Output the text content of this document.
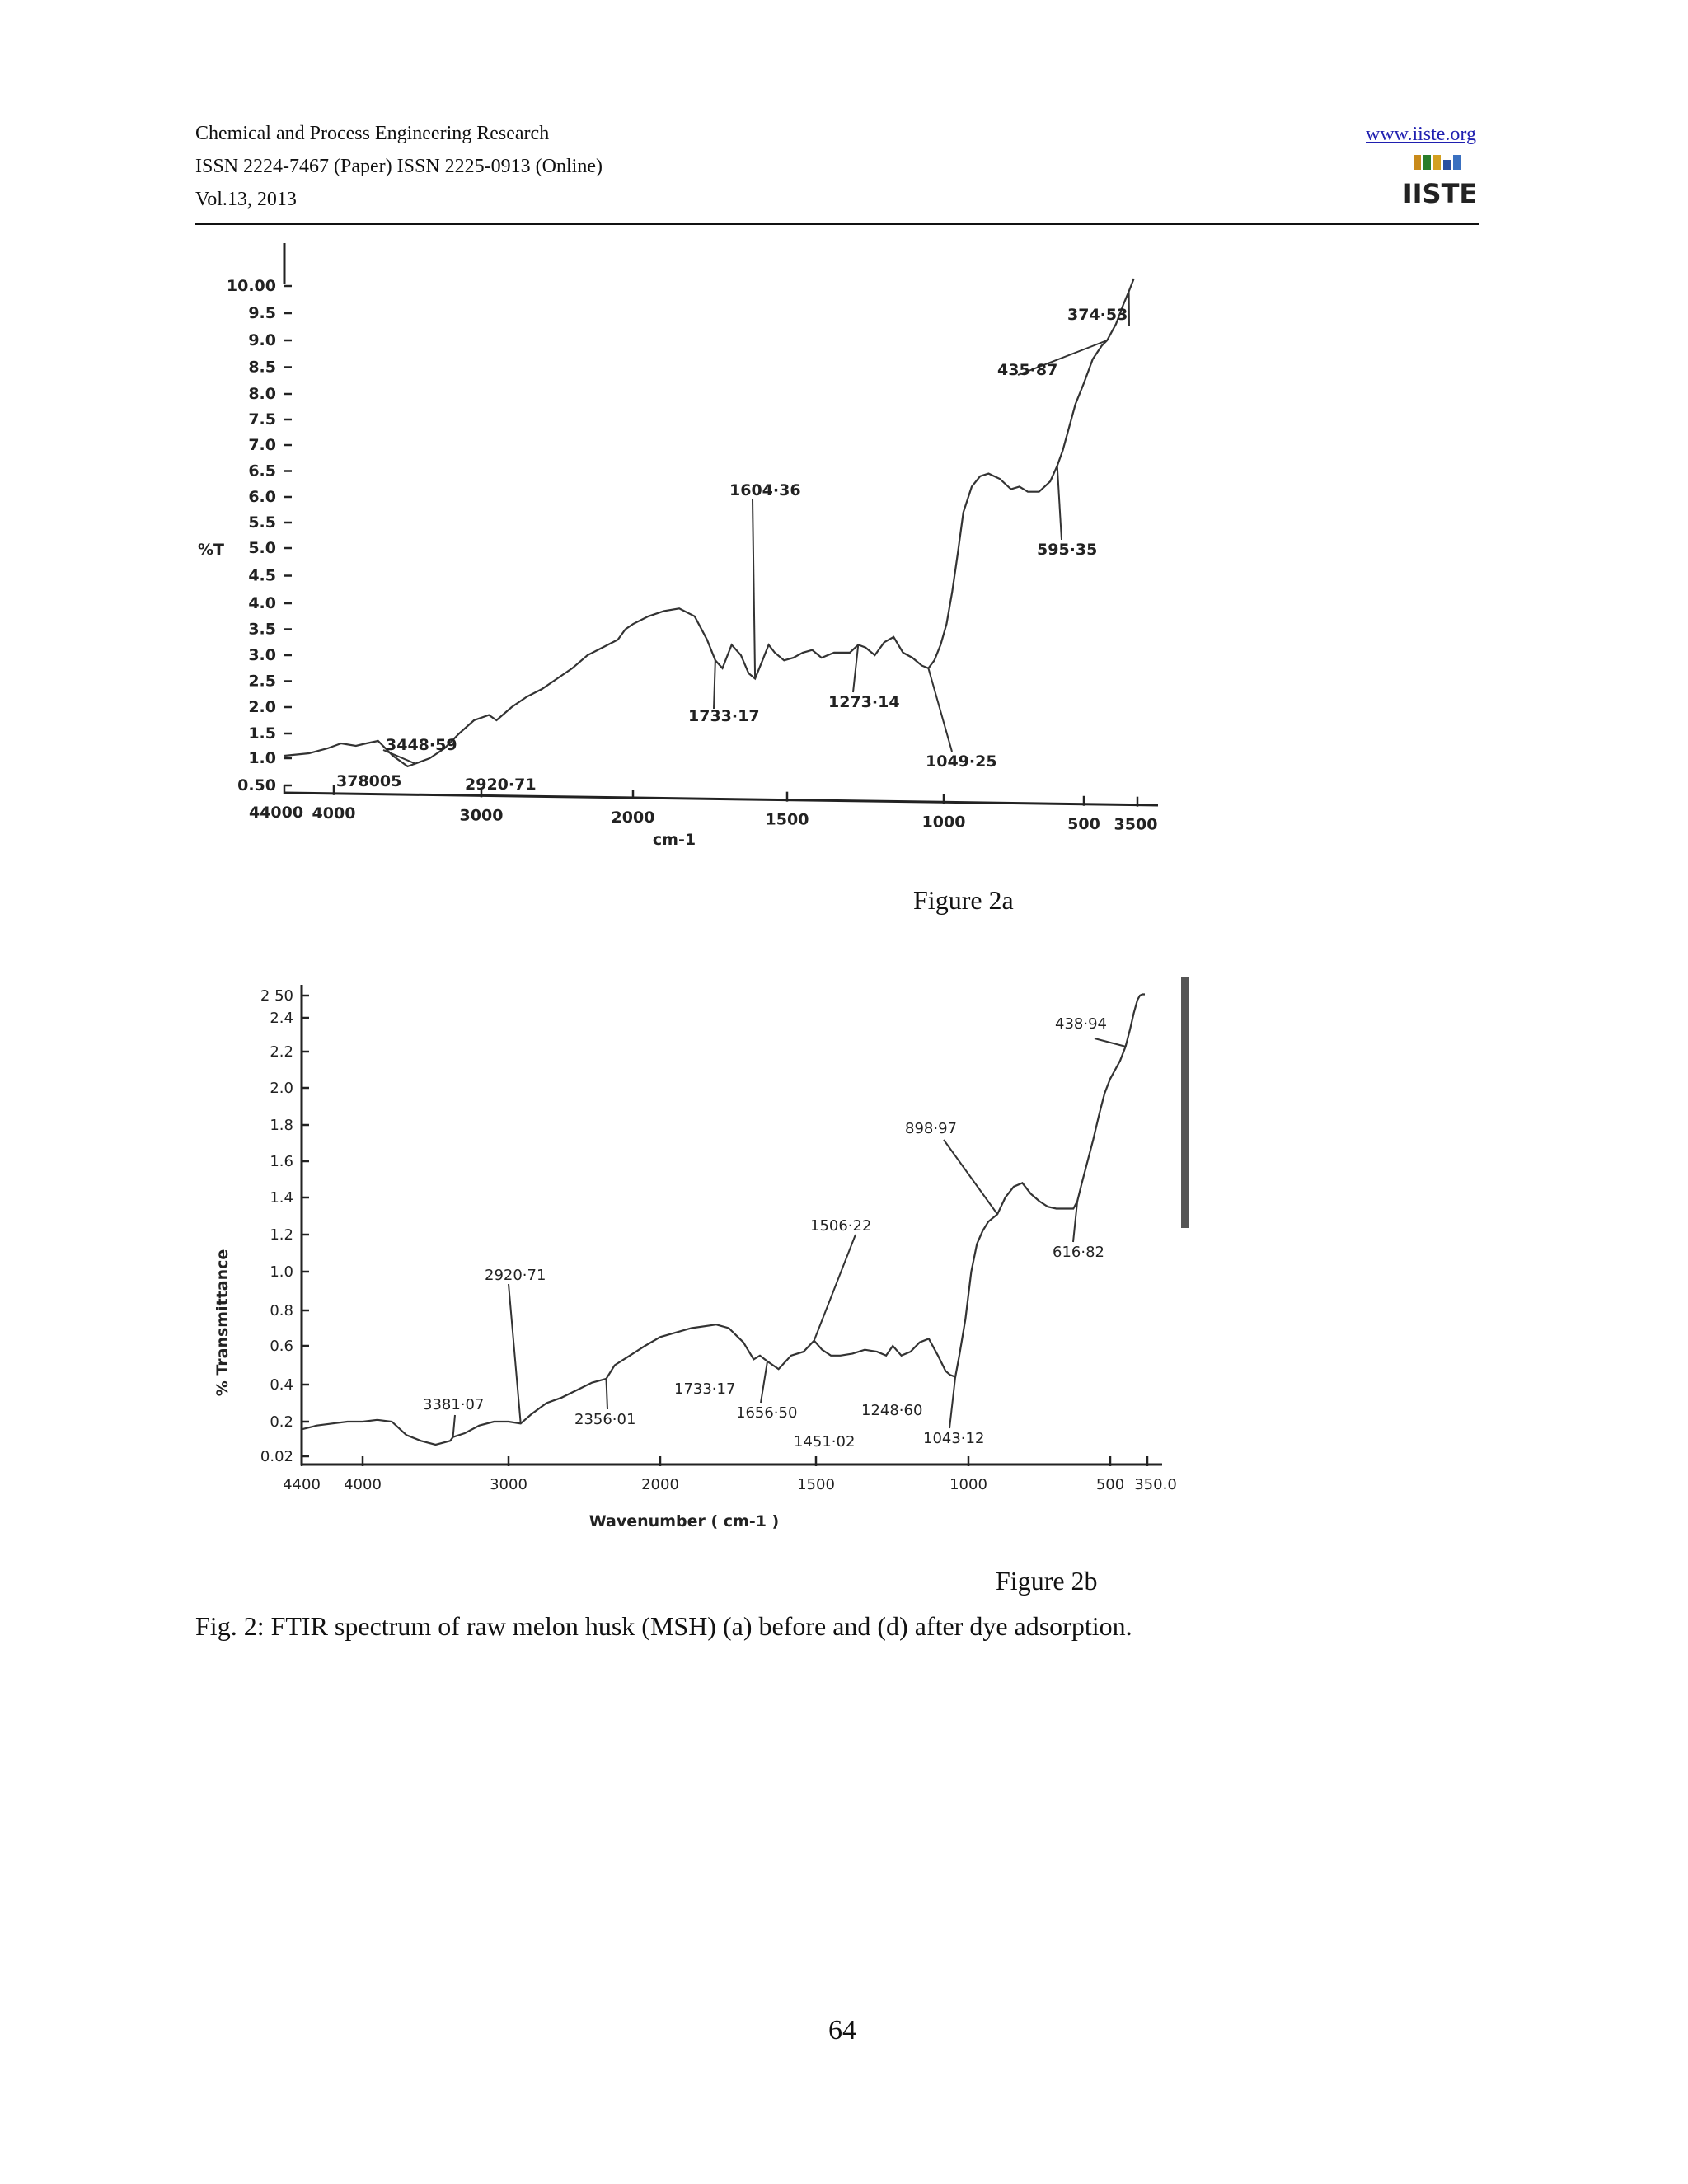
Chemical and Process Engineering Research
ISSN 2224-7467 (Paper) ISSN 2225-0913 (Online)
Vol.13, 2013
www.iiste.org
IISTE
0.50
1.0
1.5
2.0
2.5
3.0
3.5
4.0
4.5
5.0
5.5
6.0
6.5
7.0
7.5
8.0
8.5
9.0
9.5
10.00
44000 4000	3000	2000	1500	1000	500 3500
%T
cm-1
374·53
435·87
595·35
1604·36
1733·17
1273·14
1049·25
3448·59
378005	2920·71
Figure 2a
0.02
0.2
0.4
0.6
0.8
1.0
1.2
1.4
1.6
1.8
2.0
2.2
2.4
2 50
4400 4000	3000	2000	1500	1000	500 350.0
% Transmittance
Wavenumber ( cm-1 )
438·94
898·97
616·82
1506·22
2920·71
3381·07
2356·01
1733·17
1656·50	1248·60
1451·02	1043·12
Figure 2b
Fig. 2: FTIR spectrum of raw melon husk (MSH) (a) before and (d) after dye adsorption.
64
